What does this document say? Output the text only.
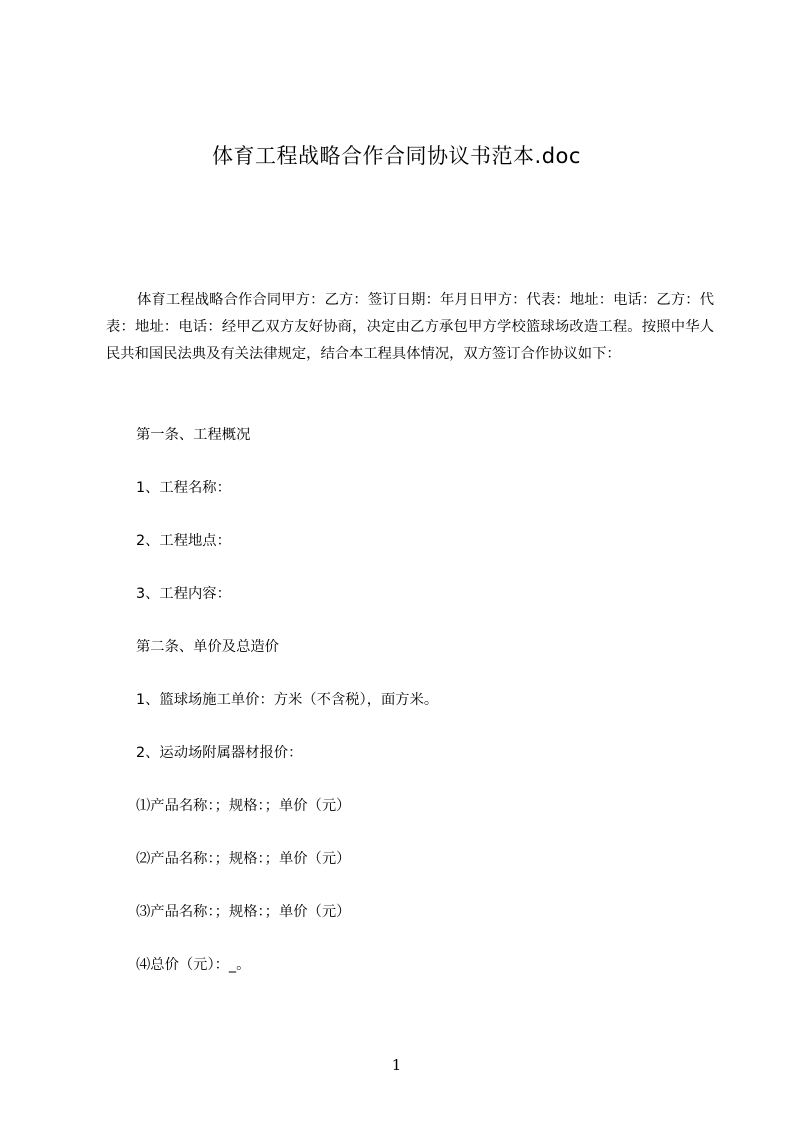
体育工程战略合作合同协议书范本.doc
体育工程战略合作合同甲方：乙方：签订日期：年月日甲方：代表：地址：电话：乙方：代表：地址：电话：经甲乙双方友好协商，决定由乙方承包甲方学校篮球场改造工程。按照中华人民共和国民法典及有关法律规定，结合本工程具体情况，双方签订合作协议如下：
第一条、工程概况
1、工程名称：
2、工程地点：
3、工程内容：
第二条、单价及总造价
1、篮球场施工单价：方米（不含税），面方米。
2、运动场附属器材报价：
⑴产品名称：；规格：；单价（元）
⑵产品名称：；规格：；单价（元）
⑶产品名称：；规格：；单价（元）
⑷总价（元）：_。
1
